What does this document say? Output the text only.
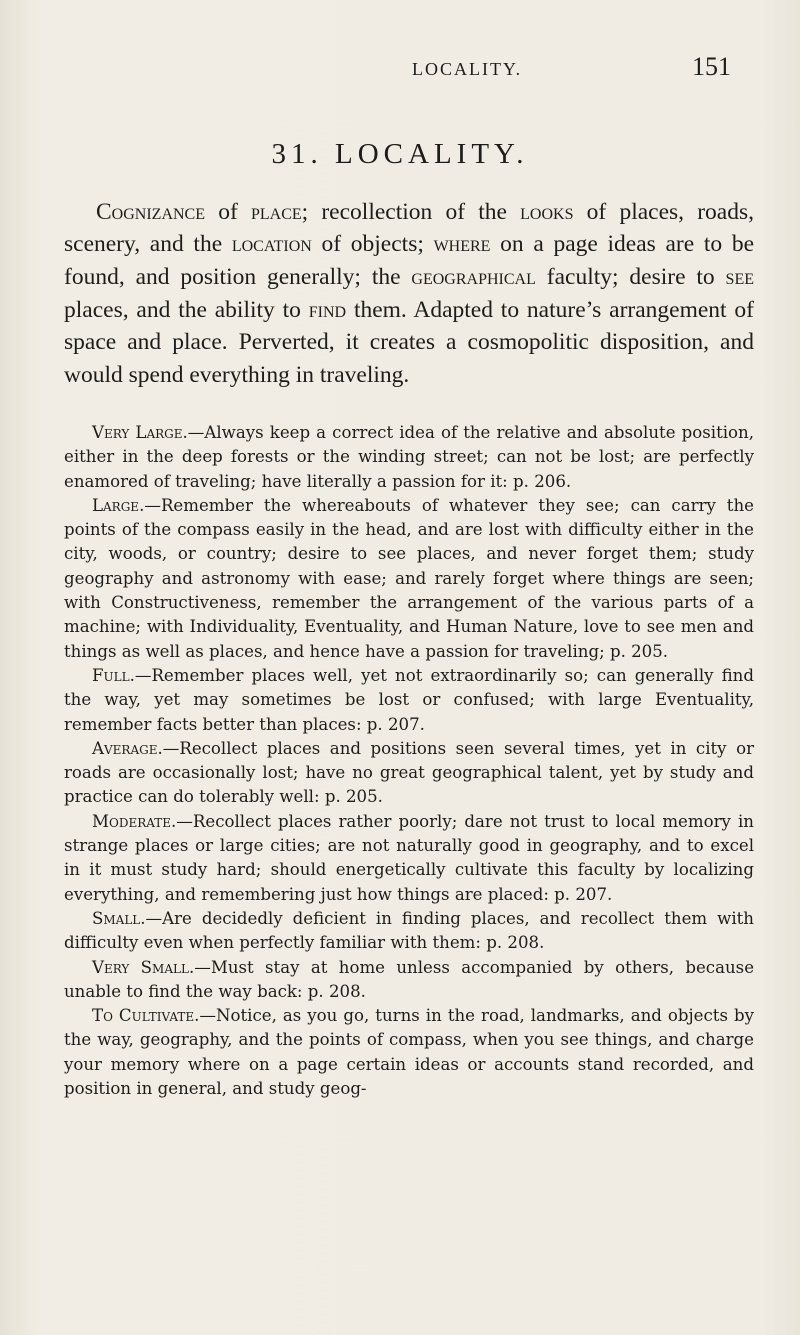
LOCALITY.	151
31. LOCALITY.

Cognizance of place; recollection of the looks of places, roads, scenery, and the location of objects; where on a page ideas are to be found, and position generally; the geographical faculty; desire to see places, and the ability to find them. Adapted to nature’s arrangement of space and place. Perverted, it creates a cosmopolitic disposition, and would spend everything in traveling.

Very Large.—Always keep a correct idea of the relative and absolute position, either in the deep forests or the winding street; can not be lost; are perfectly enamored of traveling; have literally a passion for it: p. 206.

Large.—Remember the whereabouts of whatever they see; can carry the points of the compass easily in the head, and are lost with difficulty either in the city, woods, or country; desire to see places, and never forget them; study geography and astronomy with ease; and rarely forget where things are seen; with Constructiveness, remember the arrangement of the various parts of a machine; with Individuality, Eventuality, and Human Nature, love to see men and things as well as places, and hence have a passion for traveling; p. 205.

Full.—Remember places well, yet not extraordinarily so; can generally find the way, yet may sometimes be lost or confused; with large Eventuality, remember facts better than places: p. 207.

Average.—Recollect places and positions seen several times, yet in city or roads are occasionally lost; have no great geographical talent, yet by study and practice can do tolerably well: p. 205.

Moderate.—Recollect places rather poorly; dare not trust to local memory in strange places or large cities; are not naturally good in geography, and to excel in it must study hard; should energetically cultivate this faculty by localizing everything, and remembering just how things are placed: p. 207.

Small.—Are decidedly deficient in finding places, and recollect them with difficulty even when perfectly familiar with them: p. 208.

Very Small.—Must stay at home unless accompanied by others, because unable to find the way back: p. 208.

To Cultivate.—Notice, as you go, turns in the road, landmarks, and objects by the way, geography, and the points of compass, when you see things, and charge your memory where on a page certain ideas or accounts stand recorded, and position in general, and study geog-
